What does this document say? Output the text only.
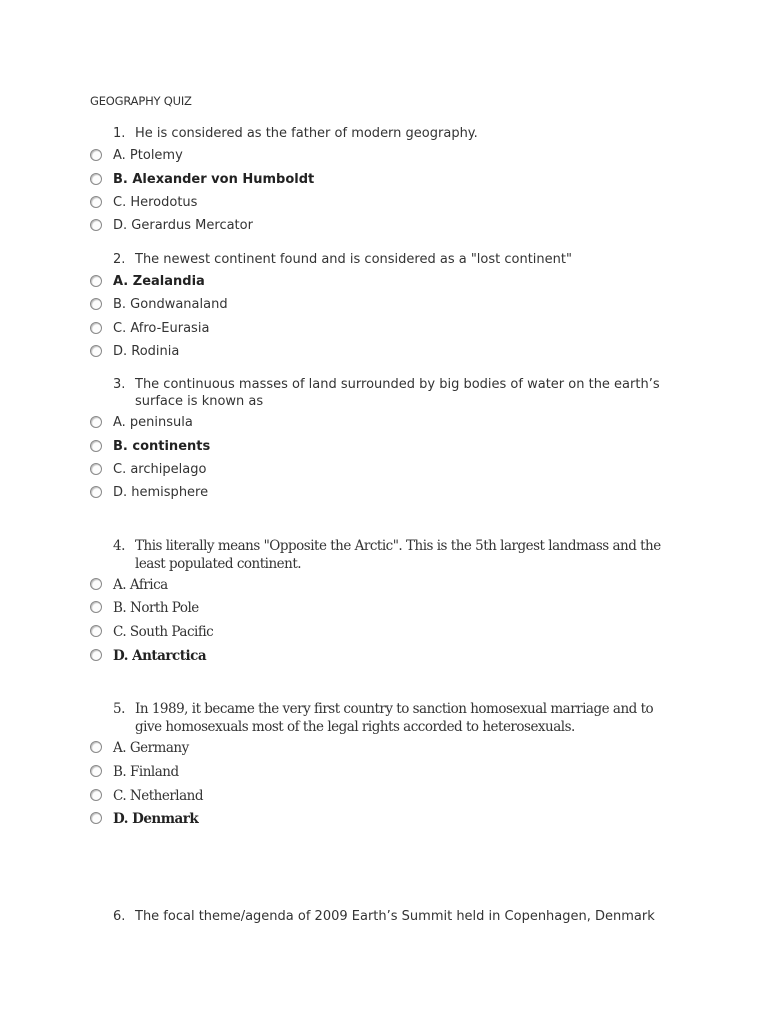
GEOGRAPHY QUIZ
1. He is considered as the father of modern geography.
A. Ptolemy
B. Alexander von Humboldt
C. Herodotus
D. Gerardus Mercator
2. The newest continent found and is considered as a "lost continent"
A. Zealandia
B. Gondwanaland
C. Afro-Eurasia
D. Rodinia
3. The continuous masses of land surrounded by big bodies of water on the earth’s surface is known as
A. peninsula
B. continents
C. archipelago
D. hemisphere
4. This literally means "Opposite the Arctic". This is the 5th largest landmass and the least populated continent.
A. Africa
B. North Pole
C. South Pacific
D. Antarctica
5. In 1989, it became the very first country to sanction homosexual marriage and to give homosexuals most of the legal rights accorded to heterosexuals.
A. Germany
B. Finland
C. Netherland
D. Denmark
6. The focal theme/agenda of 2009 Earth’s Summit held in Copenhagen, Denmark
